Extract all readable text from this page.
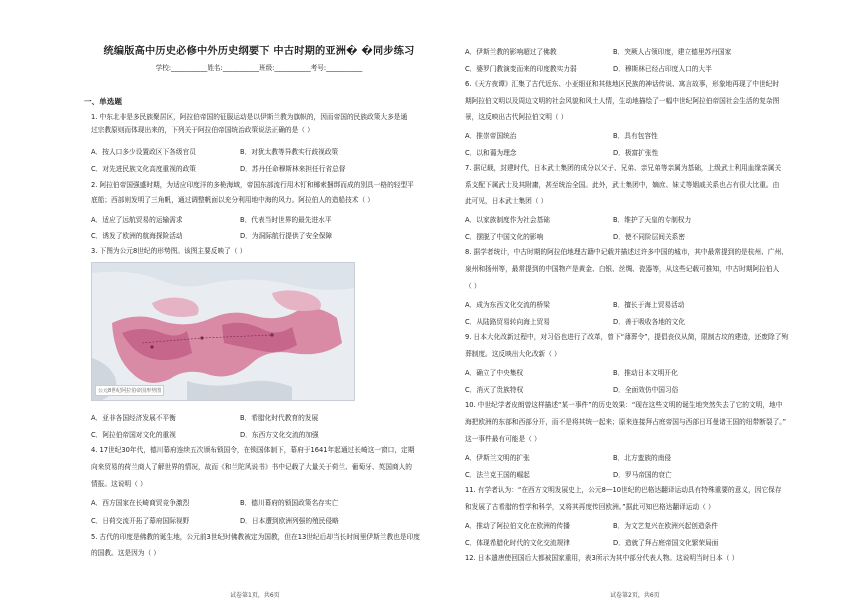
统编版高中历史必修中外历史纲要下 中古时期的亚洲� �同步练习
学校:___________姓名:___________班级:___________考号:___________
一、单选题
1. 中东北非是多民族聚居区，阿拉伯帝国的征服运动是以伊斯兰教为旗帜的，因而帝国的民族政策大多是通
过宗教原则而体现出来的，下列关于阿拉伯帝国统治政策说法正确的是（ ）
A．按人口多少设置政区下各级官员	B．对犹太教等异教实行歧视政策
C．对先进民族文化高度重视的政策	D．苏丹任命穆斯林来担任行省总督
2. 阿拉伯帝国强盛时期，为适应印度洋的多桅海域，帝国东部流行用木钉和椰索捆绑而成的别具一格的轻型平
底船；西部则发明了三角帆，通过调整帆面以充分利用地中海的风力。阿拉伯人的造船技术（ ）
A．适应了远航贸易的运输需求	B．代表当时世界的最先进水平
C．诱发了欧洲的航海探险活动	D．为洞际航行提供了安全保障
3. 下图为公元8世纪的形势图。该图主要反映了（ ）
公元8世纪阿拉伯帝国形势图
A．亚非各国经济发展不平衡	B．希腊化时代教育的发展
C．阿拉伯帝国对文化的重视	D．东西方文化交流的加强
4. 17世纪30年代，德川幕府连续五次颁布锁国令，在锁国体制下，幕府于1641年起通过长崎这一窗口，定期
向来贸易的荷兰商人了解世界的情况，故而《和兰陀风说书》书中记载了大量关于荷兰、葡萄牙、英国商人的
情报。这说明（ ）
A．西方国家在长崎商贸竞争激烈	B．德川幕府的锁国政策名存实亡
C．日荷交流开拓了幕府国际视野	D．日本遭到欧洲列强的殖民侵略
5. 古代的印度是佛教的诞生地，公元前3世纪时佛教被定为国教，但在13世纪后却当长时间里伊斯兰教也是印度
的国教。这是因为（ ）
试卷第1页，共6页
A．伊斯兰教的影响超过了佛教	B．突厥人占领印度，建立德里苏丹国家
C．婆罗门教演变而来的印度教实力弱	D．穆斯林已经占印度人口的大半
6.《天方夜谭》汇集了古代近东、小亚细亚和其他地区民族的神话传说、寓言故事，形象地再现了中世纪时
期阿拉伯文明以及周边文明的社会风貌和风土人情，生动地描绘了一幅中世纪阿拉伯帝国社会生活的复杂图
景，这反映出古代阿拉伯文明（ ）
A．推崇帝国统治	B．具有包容性
C．以和蔼为理念	D．极富扩张性
7. 据记载，封建时代，日本武士集团的成分以父子、兄弟、亲兄弟等亲属为基础，上级武士利用血缘亲属关
系支配下属武士及其附庸，甚至统治全国。此外，武士集团中，嫡庶、妹丈等姻戚关系也占有很大比重。由
此可见，日本武士集团（ ）
A．以家族制度作为社会基础	B．维护了天皇的专制权力
C．摆脱了中国文化的影响	D．使不同阶层间关系密
8. 据学者统计，中古时期的阿拉伯地理古籍中记载并描述过许多中国的城市，其中最常提到的是杭州、广州、
泉州和扬州等，最常提到的中国物产是黄金、白银、丝绸、瓷器等，从这些记载可推知，中古时期阿拉伯人
（ ）
A．成为东西文化交流的桥梁	B．擅长于海上贸易活动
C．从陆路贸易转向海上贸易	D．善于吸收各地的文化
9. 日本大化改新过程中，对习俗也进行了改革，曾下“薄葬令”，提倡丧仪从简，限制古坟的建造，还废除了殉
葬制度。这反映出大化改新（ ）
A．确立了中央集权	B．推动日本文明开化
C．消灭了贵族特权	D．全面效仿中国习俗
10. 中世纪学者皮朗曾这样描述“某一事件”的历史效果：“现在这些文明的诞生地突然失去了它的文明，地中
海把欧洲的东部和西部分开，而不是将其统一起来；原来连接拜占庭帝国与西部日耳曼诸王国的纽带断裂了。”
这一事件最有可能是（ ）
A．伊斯兰文明的扩张	B．北方蛮族的南侵
C．法兰克王国的崛起	D．罗马帝国的衰亡
11. 有学者认为：“在西方文明发展史上，公元8—10世纪的巴格达翻译运动具有特殊重要的意义，因它保存
和发展了古希腊的哲学和科学，又将其再度传回欧洲。”据此可知巴格达翻译运动（ ）
A．推动了阿拉伯文化在欧洲的传播	B．为文艺复兴在欧洲兴起创造条件
C．体现希腊化时代的文化交流规律	D．造就了拜占庭帝国文化繁荣局面
12. 日本遣唐使回国后大都被国家重用，表3所示为其中部分代表人物。这说明当时日本（ ）
试卷第2页，共6页
